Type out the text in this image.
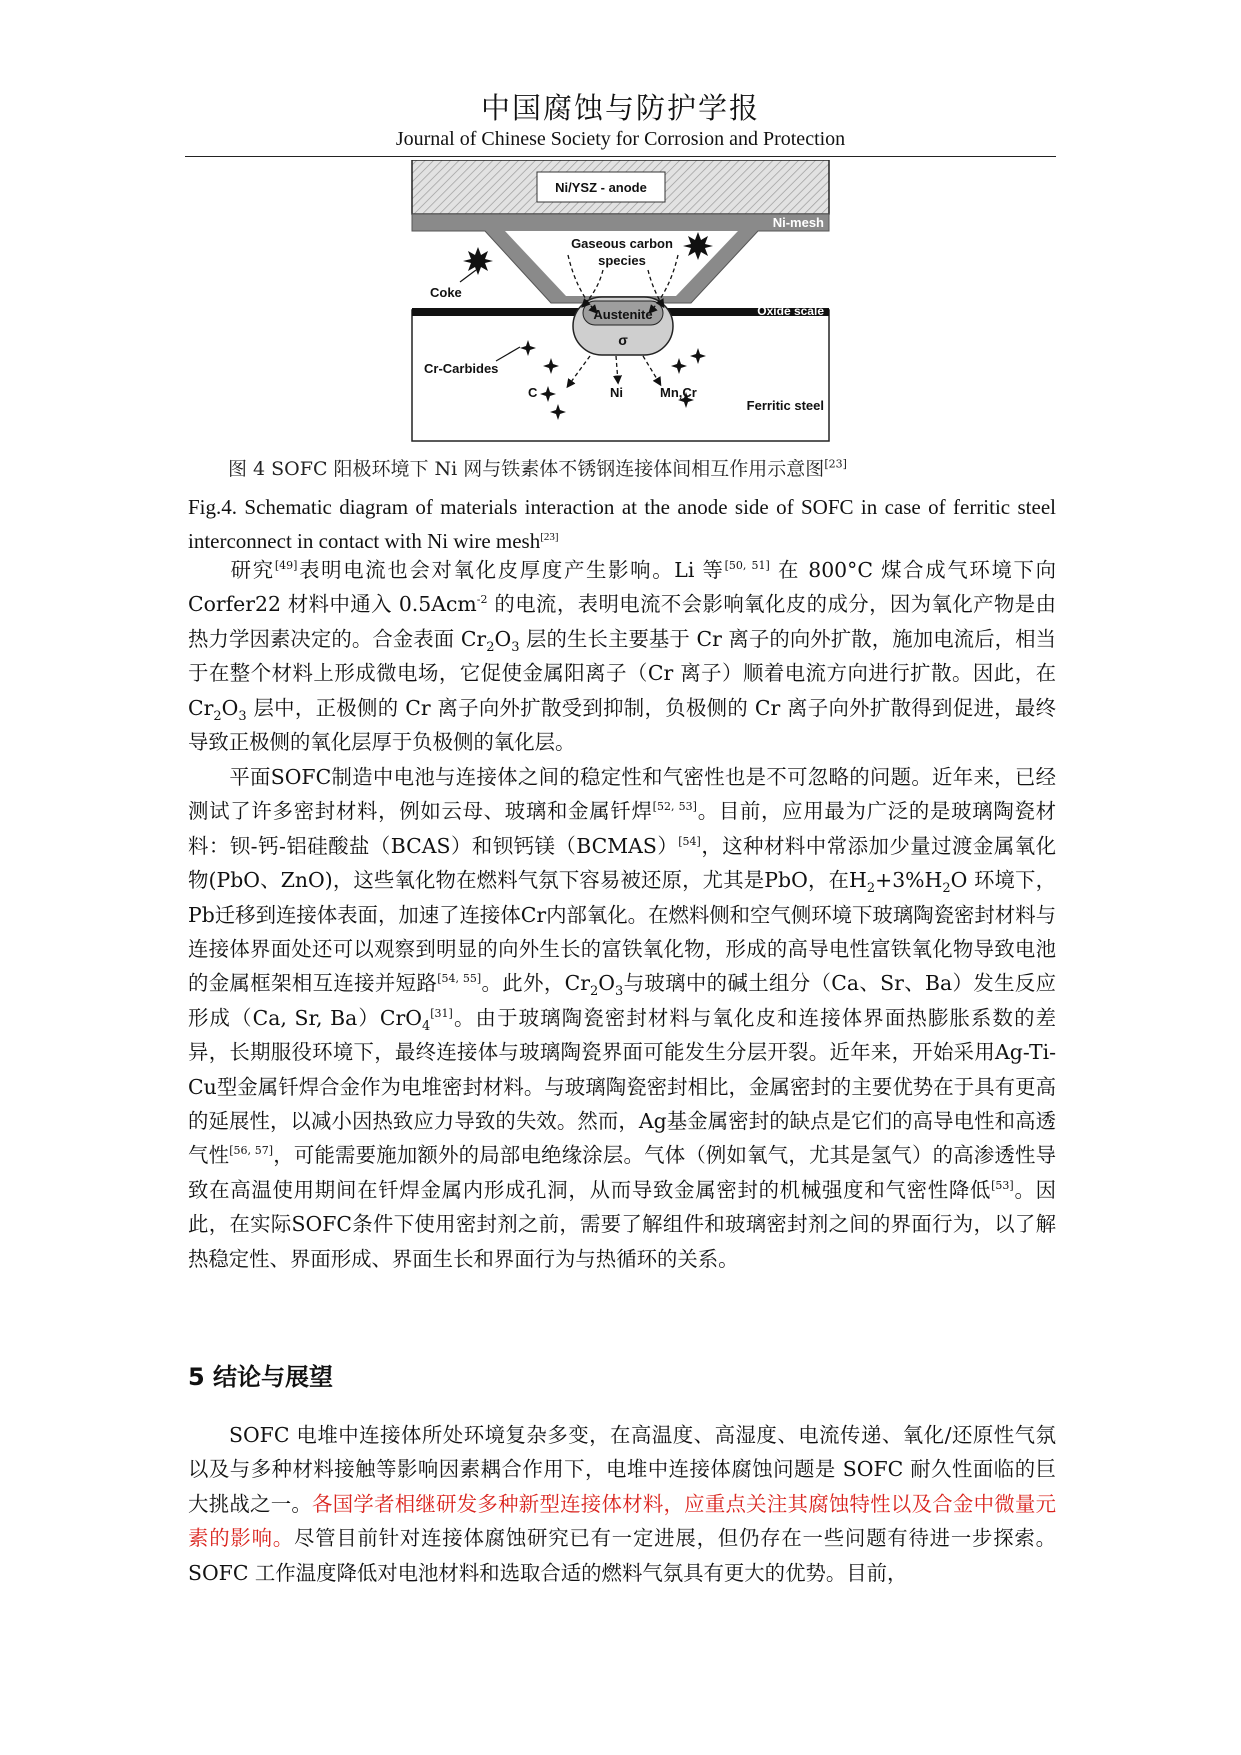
中国腐蚀与防护学报
Journal of Chinese Society for Corrosion and Protection
Ni/YSZ - anode
Ni-mesh
Oxide scale
Austenite
σ
Gaseous carbon
species
Coke
Cr-Carbides
C	Ni	Mn,Cr
Ferritic steel
图 4 SOFC 阳极环境下 Ni 网与铁素体不锈钢连接体间相互作用示意图[23]
Fig.4. Schematic diagram of materials interaction at the anode side of SOFC in case of ferritic steel interconnect in contact with Ni wire mesh[23]
研究[49]表明电流也会对氧化皮厚度产生影响。Li 等[50, 51] 在 800°C 煤合成气环境下向 Corfer22 材料中通入 0.5Acm$^{-2}$ 的电流，表明电流不会影响氧化皮的成分，因为氧化产物是由热力学因素决定的。合金表面 $Cr_2O_3$ 层的生长主要基于 Cr 离子的向外扩散，施加电流后，相当于在整个材料上形成微电场，它促使金属阳离子（Cr 离子）顺着电流方向进行扩散。因此，在 $Cr_2O_3$ 层中，正极侧的 Cr 离子向外扩散受到抑制，负极侧的 Cr 离子向外扩散得到促进，最终导致正极侧的氧化层厚于负极侧的氧化层。
平面SOFC制造中电池与连接体之间的稳定性和气密性也是不可忽略的问题。近年来，已经测试了许多密封材料，例如云母、玻璃和金属钎焊[52, 53]。目前，应用最为广泛的是玻璃陶瓷材料：钡-钙-铝硅酸盐（BCAS）和钡钙镁（BCMAS）[54]，这种材料中常添加少量过渡金属氧化物(PbO、ZnO)，这些氧化物在燃料气氛下容易被还原，尤其是PbO，在$H_2+3\%H_2O$ 环境下，Pb迁移到连接体表面，加速了连接体Cr内部氧化。在燃料侧和空气侧环境下玻璃陶瓷密封材料与连接体界面处还可以观察到明显的向外生长的富铁氧化物，形成的高导电性富铁氧化物导致电池的金属框架相互连接并短路[54, 55]。此外，$Cr_2O_3$与玻璃中的碱土组分（Ca、Sr、Ba）发生反应形成（Ca, Sr, Ba）CrO$_4$[31]。由于玻璃陶瓷密封材料与氧化皮和连接体界面热膨胀系数的差异，长期服役环境下，最终连接体与玻璃陶瓷界面可能发生分层开裂。近年来，开始采用Ag-Ti-Cu型金属钎焊合金作为电堆密封材料。与玻璃陶瓷密封相比，金属密封的主要优势在于具有更高的延展性，以减小因热致应力导致的失效。然而，Ag基金属密封的缺点是它们的高导电性和高透气性[56, 57]，可能需要施加额外的局部电绝缘涂层。气体（例如氧气，尤其是氢气）的高渗透性导致在高温使用期间在钎焊金属内形成孔洞，从而导致金属密封的机械强度和气密性降低[53]。因此，在实际SOFC条件下使用密封剂之前，需要了解组件和玻璃密封剂之间的界面行为，以了解热稳定性、界面形成、界面生长和界面行为与热循环的关系。
5 结论与展望
SOFC 电堆中连接体所处环境复杂多变，在高温度、高湿度、电流传递、氧化/还原性气氛以及与多种材料接触等影响因素耦合作用下，电堆中连接体腐蚀问题是 SOFC 耐久性面临的巨大挑战之一。各国学者相继研发多种新型连接体材料，应重点关注其腐蚀特性以及合金中微量元素的影响。尽管目前针对连接体腐蚀研究已有一定进展，但仍存在一些问题有待进一步探索。SOFC 工作温度降低对电池材料和选取合适的燃料气氛具有更大的优势。目前，
